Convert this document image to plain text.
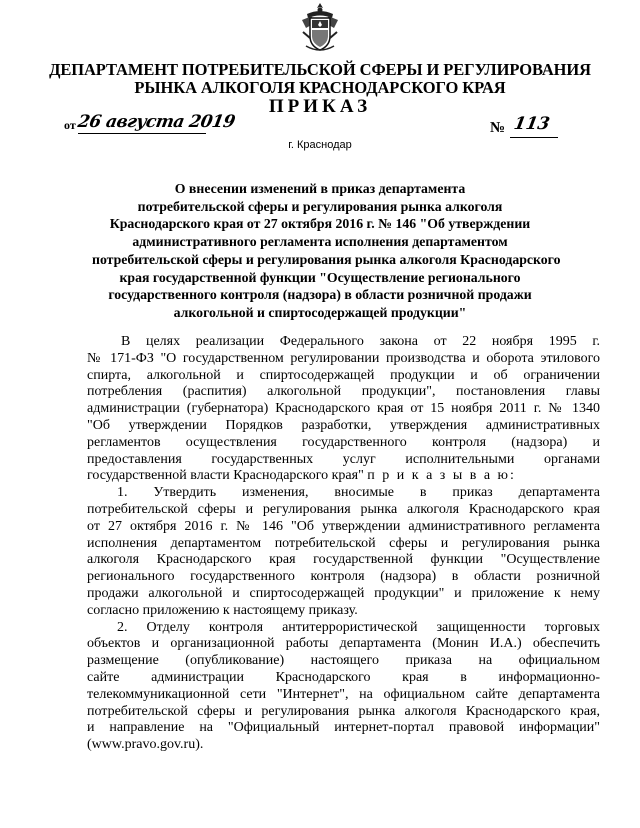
ДЕПАРТАМЕНТ ПОТРЕБИТЕЛЬСКОЙ СФЕРЫ И РЕГУЛИРОВАНИЯ
РЫНКА АЛКОГОЛЯ КРАСНОДАРСКОГО КРАЯ
ПРИКАЗ
от 26 августа 2019	№ 113
г. Краснодар
О внесении изменений в приказ департамента
потребительской сферы и регулирования рынка алкоголя
Краснодарского края от 27 октября 2016 г. № 146 "Об утверждении
административного регламента исполнения департаментом
потребительской сферы и регулирования рынка алкоголя Краснодарского
края государственной функции "Осуществление регионального
государственного контроля (надзора) в области розничной продажи
алкогольной и спиртосодержащей продукции"
В целях реализации Федерального закона от 22 ноября 1995 г.
№ 171-ФЗ "О государственном регулировании производства и оборота этилового
спирта, алкогольной и спиртосодержащей продукции и об ограничении
потребления (распития) алкогольной продукции", постановления главы
администрации (губернатора) Краснодарского края от 15 ноября 2011 г. № 1340
"Об утверждении Порядков разработки, утверждения административных
регламентов осуществления государственного контроля (надзора) и
предоставления государственных услуг исполнительными органами
государственной власти Краснодарского края" п р и к а з ы в а ю:
1. Утвердить изменения, вносимые в приказ департамента
потребительской сферы и регулирования рынка алкоголя Краснодарского края
от 27 октября 2016 г. № 146 "Об утверждении административного регламента
исполнения департаментом потребительской сферы и регулирования рынка
алкоголя Краснодарского края государственной функции "Осуществление
регионального государственного контроля (надзора) в области розничной
продажи алкогольной и спиртосодержащей продукции" и приложение к нему
согласно приложению к настоящему приказу.
2. Отделу контроля антитеррористической защищенности торговых
объектов и организационной работы департамента (Монин И.А.) обеспечить
размещение (опубликование) настоящего приказа на официальном
сайте администрации Краснодарского края в информационно-
телекоммуникационной сети "Интернет", на официальном сайте департамента
потребительской сферы и регулирования рынка алкоголя Краснодарского края,
и направление на "Официальный интернет-портал правовой информации"
(www.pravo.gov.ru).
